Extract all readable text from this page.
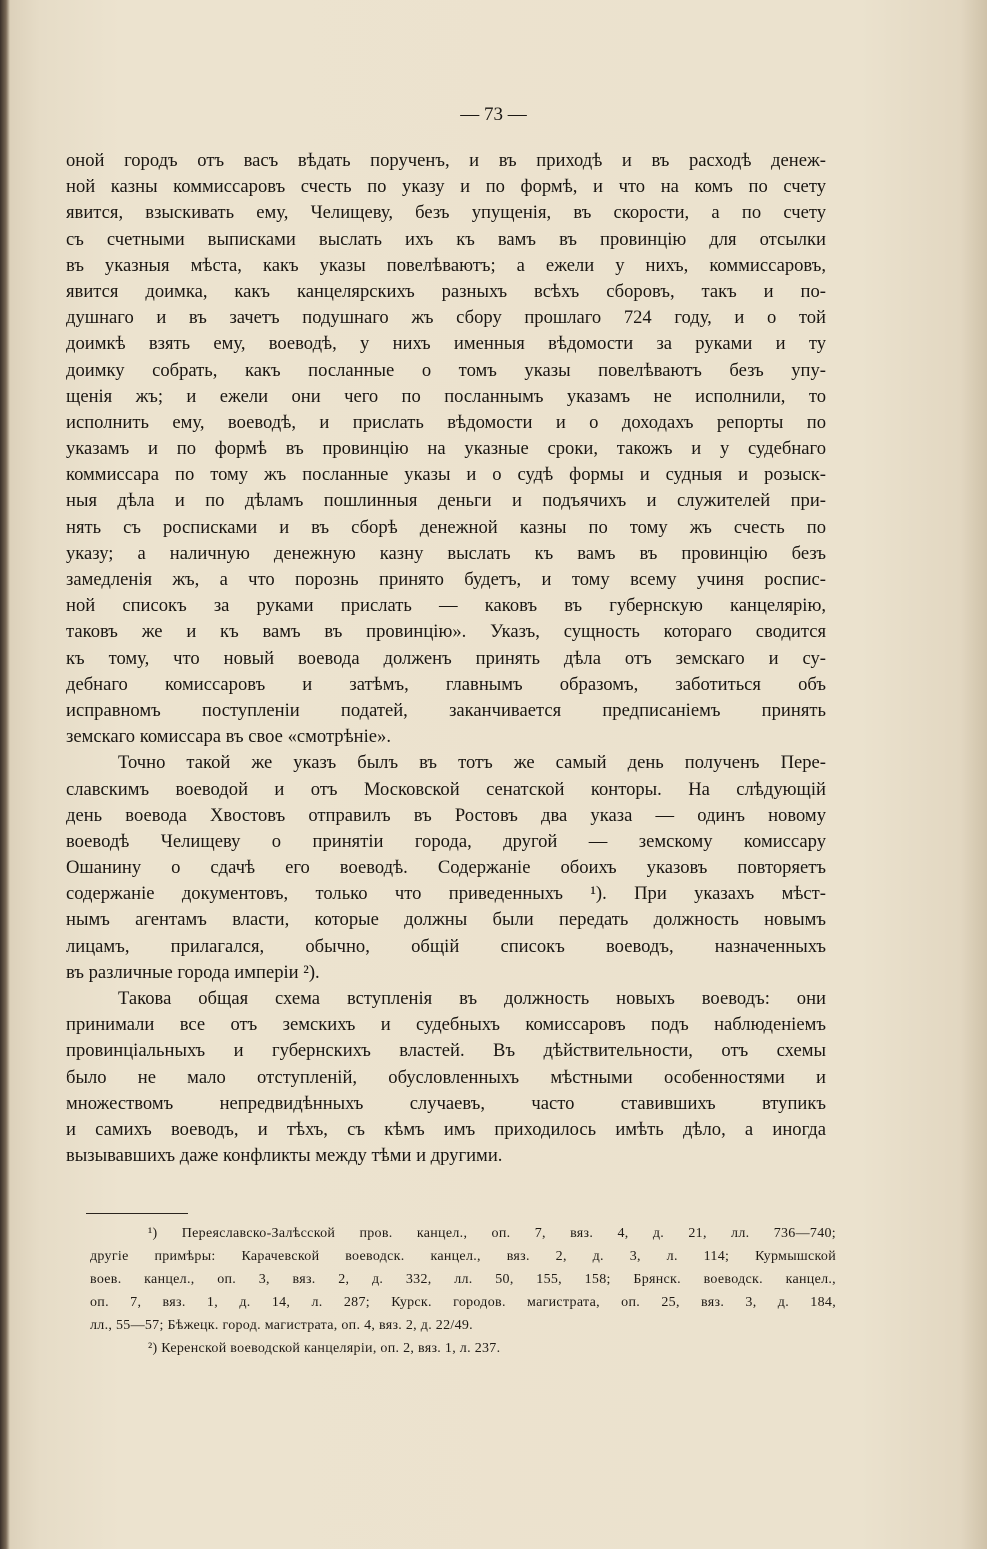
— 73 —
оной городъ отъ васъ вѣдать порученъ, и въ приходѣ и въ расходѣ денеж-
ной казны коммиссаровъ счесть по указу и по формѣ, и что на комъ по счету
явится, взыскивать ему, Челищеву, безъ упущенія, въ скорости, а по счету
съ счетными выписками выслать ихъ къ вамъ въ провинцію для отсылки
въ указныя мѣста, какъ указы повелѣваютъ; а ежели у нихъ, коммиссаровъ,
явится доимка, какъ канцелярскихъ разныхъ всѣхъ сборовъ, такъ и по-
душнаго и въ зачетъ подушнаго жъ сбору прошлаго 724 году, и о той
доимкѣ взять ему, воеводѣ, у нихъ именныя вѣдомости за руками и ту
доимку собрать, какъ посланные о томъ указы повелѣваютъ безъ упу-
щенія жъ; и ежели они чего по посланнымъ указамъ не исполнили, то
исполнить ему, воеводѣ, и прислать вѣдомости и о доходахъ репорты по
указамъ и по формѣ въ провинцію на указные сроки, такожъ и у судебнаго
коммиссара по тому жъ посланные указы и о судѣ формы и судныя и розыск-
ныя дѣла и по дѣламъ пошлинныя деньги и подъячихъ и служителей при-
нять съ росписками и въ сборѣ денежной казны по тому жъ счесть по
указу; а наличную денежную казну выслать къ вамъ въ провинцію безъ
замедленія жъ, а что порознь принято будетъ, и тому всему учиня роспис-
ной списокъ за руками прислать — каковъ въ губернскую канцелярію,
таковъ же и къ вамъ въ провинцію». Указъ, сущность котораго сводится
къ тому, что новый воевода долженъ принять дѣла отъ земскаго и су-
дебнаго комиссаровъ и затѣмъ, главнымъ образомъ, заботиться объ
исправномъ поступленіи податей, заканчивается предписаніемъ принять
земскаго комиссара въ свое «смотрѣніе».
Точно такой же указъ былъ въ тотъ же самый день полученъ Пере-
славскимъ воеводой и отъ Московской сенатской конторы. На слѣдующій
день воевода Хвостовъ отправилъ въ Ростовъ два указа — одинъ новому
воеводѣ Челищеву о принятіи города, другой — земскому комиссару
Ошанину о сдачѣ его воеводѣ. Содержаніе обоихъ указовъ повторяетъ
содержаніе документовъ, только что приведенныхъ ¹). При указахъ мѣст-
нымъ агентамъ власти, которые должны были передать должность новымъ
лицамъ, прилагался, обычно, общій списокъ воеводъ, назначенныхъ
въ различные города имперіи ²).
Такова общая схема вступленія въ должность новыхъ воеводъ: они
принимали все отъ земскихъ и судебныхъ комиссаровъ подъ наблюденіемъ
провинціальныхъ и губернскихъ властей. Въ дѣйствительности, отъ схемы
было не мало отступленій, обусловленныхъ мѣстными особенностями и
множествомъ непредвидѣнныхъ случаевъ, часто ставившихъ втупикъ
и самихъ воеводъ, и тѣхъ, съ кѣмъ имъ приходилось имѣть дѣло, а иногда
вызывавшихъ даже конфликты между тѣми и другими.
¹) Переяславско-Залѣсской пров. канцел., оп. 7, вяз. 4, д. 21, лл. 736—740;
другіе примѣры: Карачевской воеводск. канцел., вяз. 2, д. 3, л. 114; Курмышской
воев. канцел., оп. 3, вяз. 2, д. 332, лл. 50, 155, 158; Брянск. воеводск. канцел.,
оп. 7, вяз. 1, д. 14, л. 287; Курск. городов. магистрата, оп. 25, вяз. 3, д. 184,
лл., 55—57; Бѣжецк. город. магистрата, оп. 4, вяз. 2, д. 22/49.
²) Керенской воеводской канцеляріи, оп. 2, вяз. 1, л. 237.
